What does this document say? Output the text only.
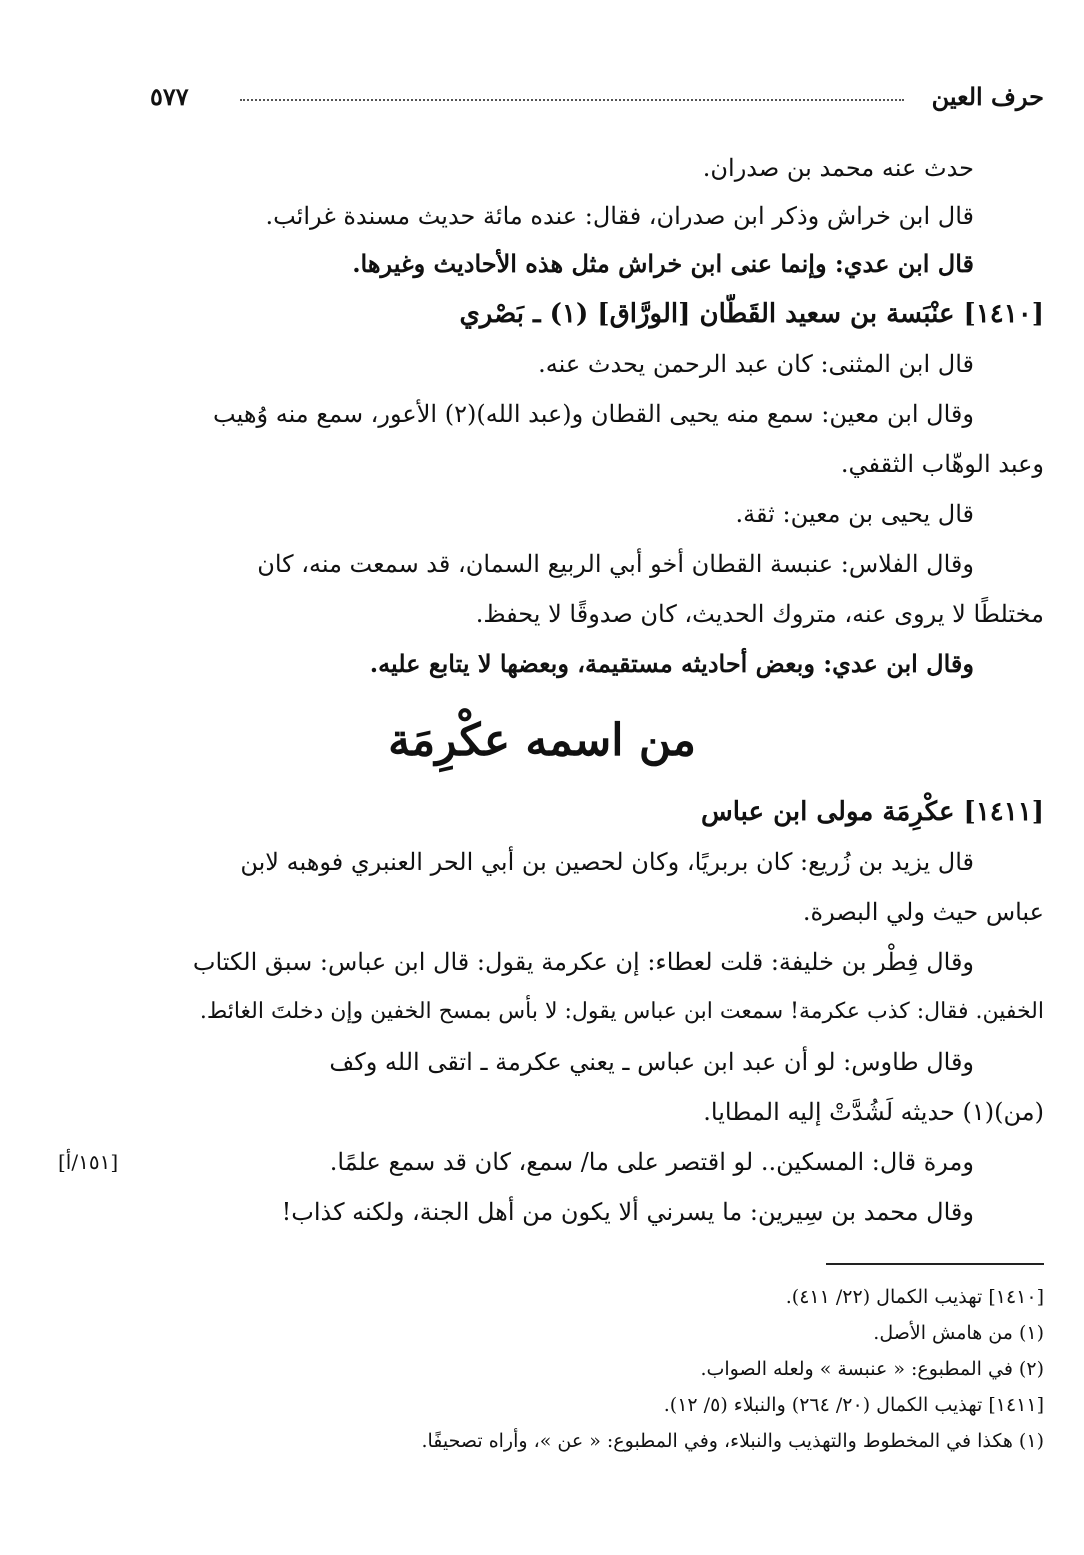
حرف العين
٥٧٧
حدث عنه محمد بن صدران.
قال ابن خراش وذكر ابن صدران، فقال: عنده مائة حديث مسندة غرائب.
قال ابن عدي: وإنما عنى ابن خراش مثل هذه الأحاديث وغيرها.
[١٤١٠] عنْبَسة بن سعيد القَطَّان [الورَّاق] (١) ـ بَصْري
قال ابن المثنى: كان عبد الرحمن يحدث عنه.
وقال ابن معين: سمع منه يحيى القطان و(عبد الله)(٢) الأعور، سمع منه وُهيب
وعبد الوهّاب الثقفي.
قال يحيى بن معين: ثقة.
وقال الفلاس: عنبسة القطان أخو أبي الربيع السمان، قد سمعت منه، كان
مختلطًا لا يروى عنه، متروك الحديث، كان صدوقًا لا يحفظ.
وقال ابن عدي: وبعض أحاديثه مستقيمة، وبعضها لا يتابع عليه.
من اسمه عكْرِمَة
[١٤١١] عكْرِمَة مولى ابن عباس
قال يزيد بن زُريع: كان بربريًا، وكان لحصين بن أبي الحر العنبري فوهبه لابن
عباس حيث ولي البصرة.
وقال فِطْر بن خليفة: قلت لعطاء: إن عكرمة يقول: قال ابن عباس: سبق الكتاب
الخفين. فقال: كذب عكرمة! سمعت ابن عباس يقول: لا بأس بمسح الخفين وإن دخلتَ الغائط.
وقال طاوس: لو أن عبد ابن عباس ـ يعني عكرمة ـ اتقى الله وكف
(من)(١) حديثه لَشُدَّتْ إليه المطايا.
ومرة قال: المسكين.. لو اقتصر على ما/ سمع، كان قد سمع علمًا.
وقال محمد بن سِيرين: ما يسرني ألا يكون من أهل الجنة، ولكنه كذاب!
[١٥١/أ]
[١٤١٠] تهذيب الكمال (٢٢/ ٤١١).
(١) من هامش الأصل.
(٢) في المطبوع: « عنبسة » ولعله الصواب.
[١٤١١] تهذيب الكمال (٢٠/ ٢٦٤) والنبلاء (٥/ ١٢).
(١) هكذا في المخطوط والتهذيب والنبلاء، وفي المطبوع: « عن »، وأراه تصحيفًا.
